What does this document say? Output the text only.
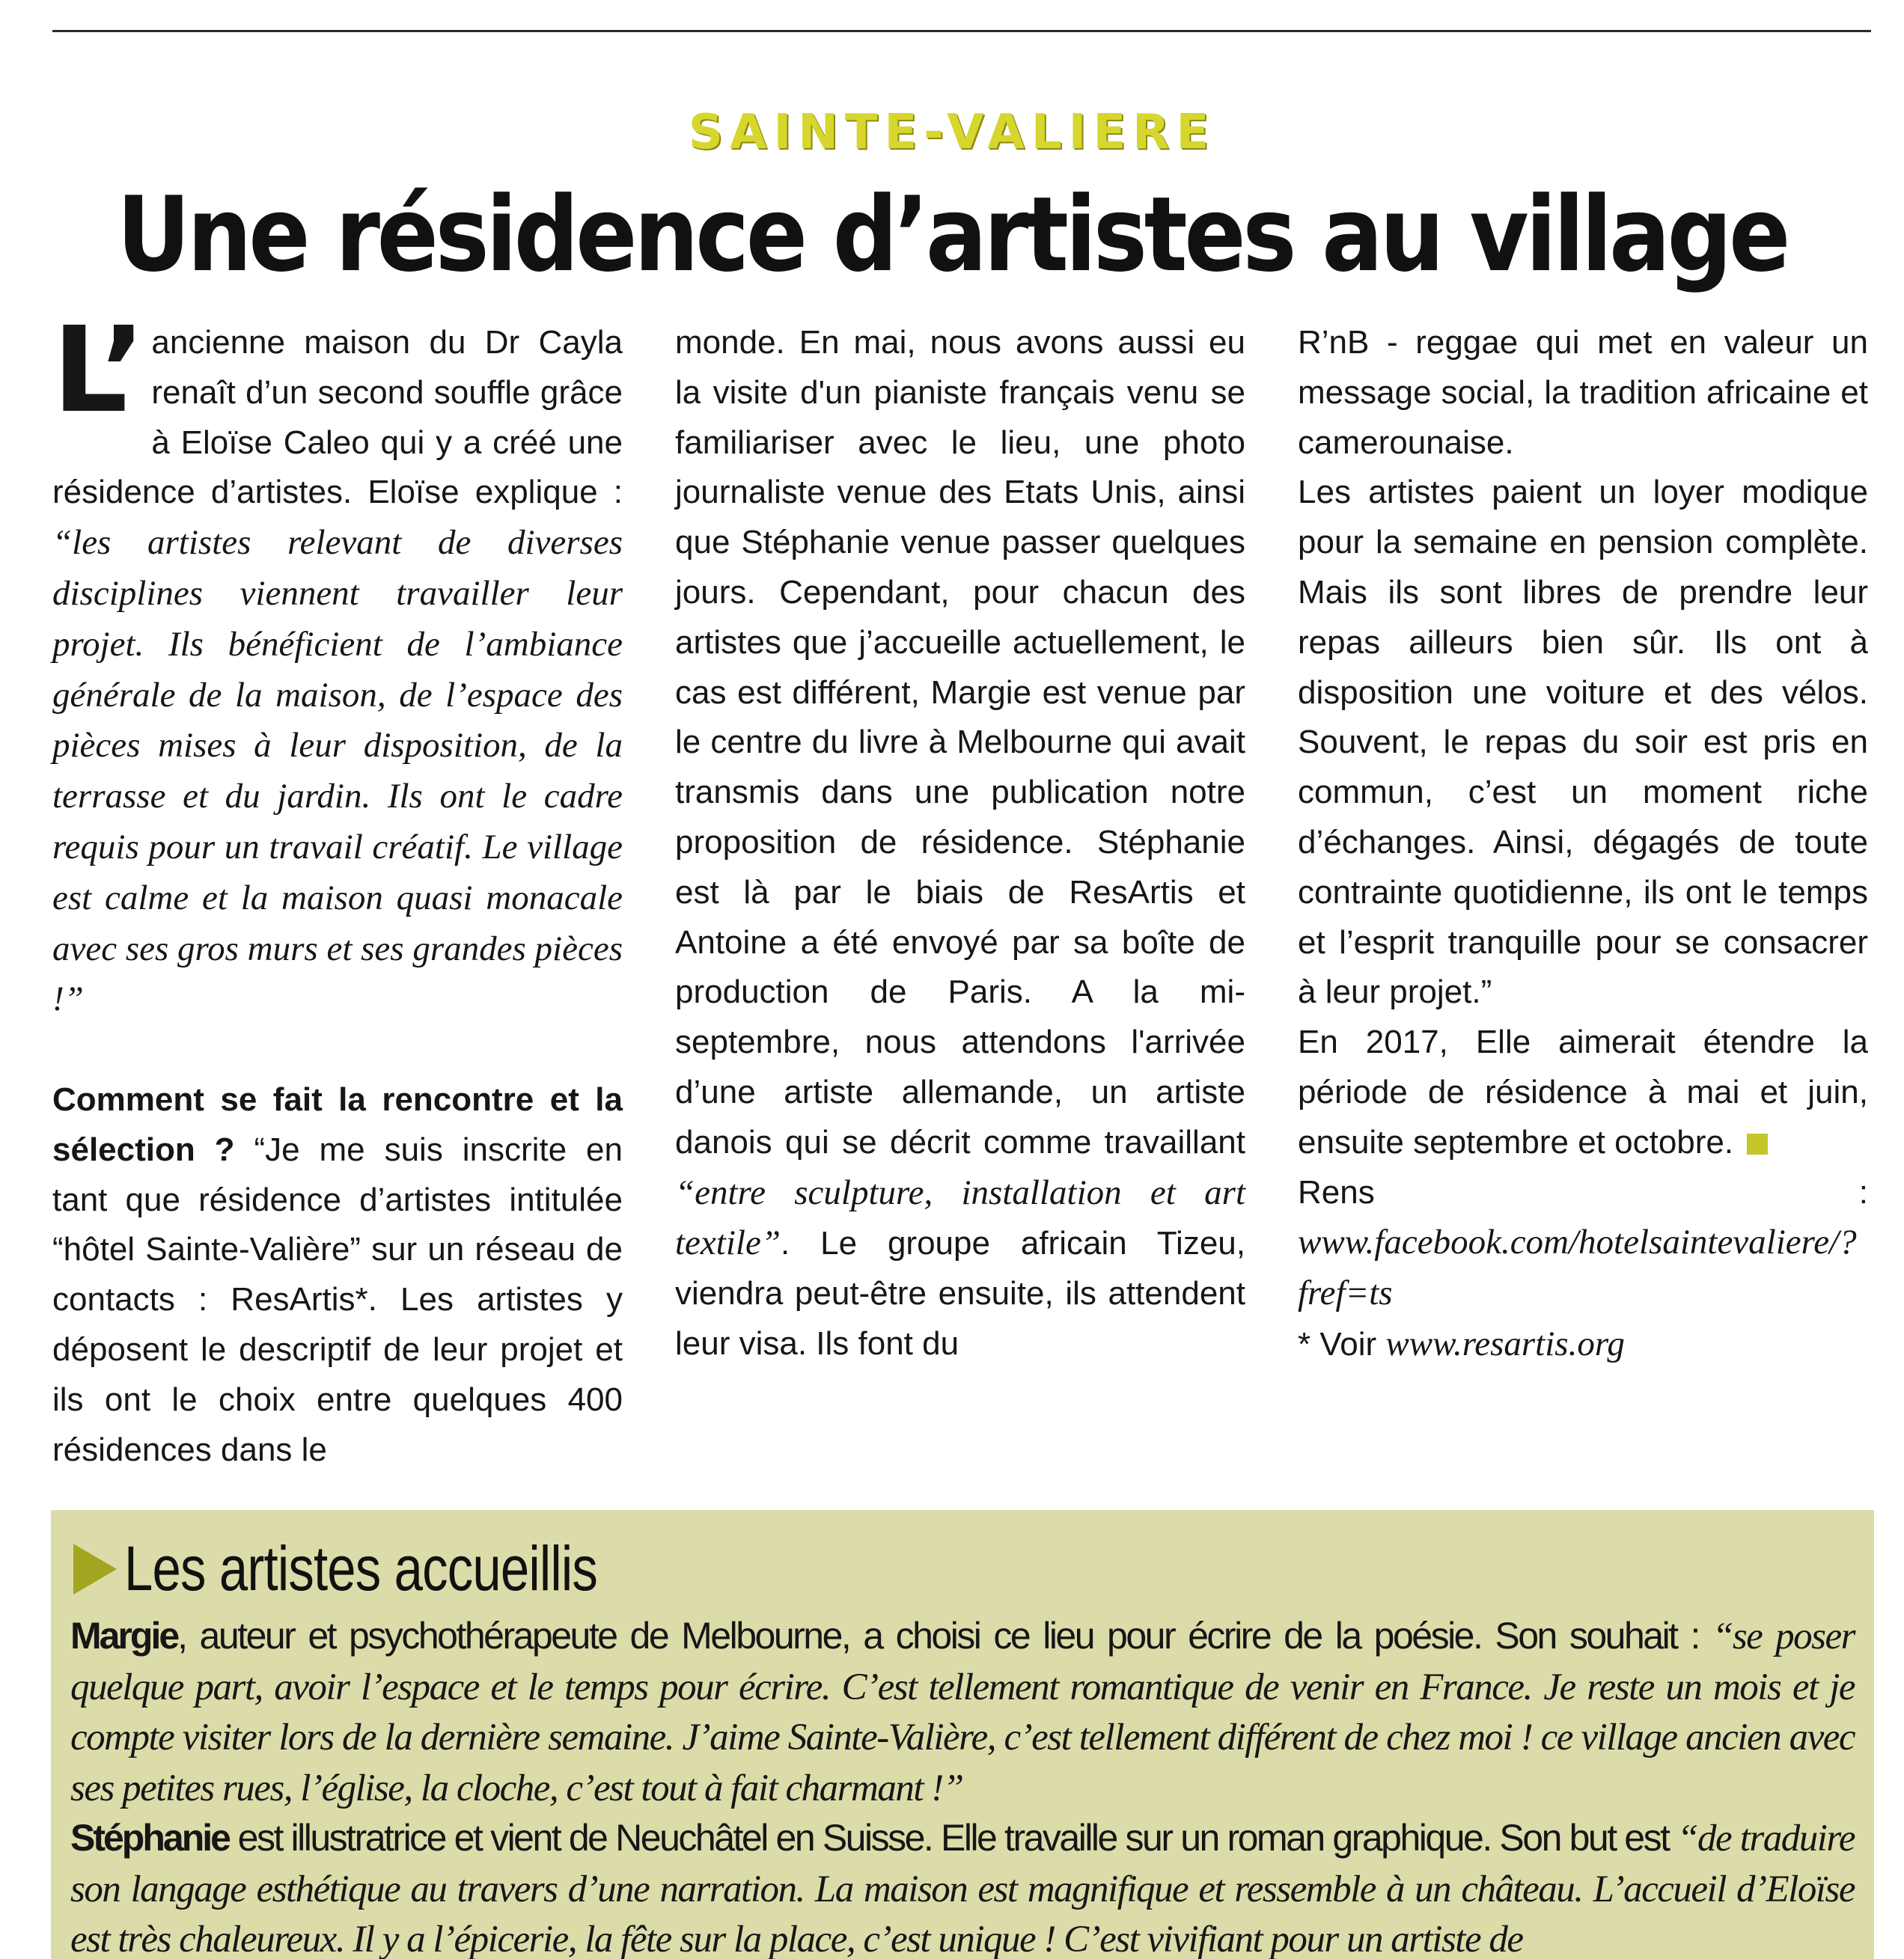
SAINTE-VALIERE
Une résidence d’artistes au village

L’ ancienne maison du Dr Cayla renaît d’un second souffle grâce à Eloïse Caleo qui y a créé une résidence d’artistes. Eloïse explique : “les artistes relevant de diverses disciplines viennent travailler leur projet. Ils bénéficient de l’ambiance générale de la maison, de l’espace des pièces mises à leur disposition, de la terrasse et du jardin. Ils ont le cadre requis pour un travail créatif. Le village est calme et la maison quasi monacale avec ses gros murs et ses grandes pièces !”

Comment se fait la rencontre et la sélection ? “Je me suis inscrite en tant que résidence d’artistes intitulée “hôtel Sainte-Valière” sur un réseau de contacts : ResArtis*. Les artistes y déposent le descriptif de leur projet et ils ont le choix entre quelques 400 résidences dans le

monde. En mai, nous avons aussi eu la visite d'un pianiste français venu se familiariser avec le lieu, une photo journaliste venue des Etats Unis, ainsi que Stéphanie venue passer quelques jours. Cependant, pour chacun des artistes que j’accueille actuellement, le cas est différent, Margie est venue par le centre du livre à Melbourne qui avait transmis dans une publication notre proposition de résidence. Stéphanie est là par le biais de ResArtis et Antoine a été envoyé par sa boîte de production de Paris. A la mi-septembre, nous attendons l'arrivée d’une artiste allemande, un artiste danois qui se décrit comme travaillant “entre sculpture, installation et art textile”. Le groupe africain Tizeu, viendra peut-être ensuite, ils attendent leur visa. Ils font du

R’nB - reggae qui met en valeur un message social, la tradition africaine et camerounaise.

Les artistes paient un loyer modique pour la semaine en pension complète. Mais ils sont libres de prendre leur repas ailleurs bien sûr. Ils ont à disposition une voiture et des vélos. Souvent, le repas du soir est pris en commun, c’est un moment riche d’échanges. Ainsi, dégagés de toute contrainte quotidienne, ils ont le temps et l’esprit tranquille pour se consacrer à leur projet.”

En 2017, Elle aimerait étendre la période de résidence à mai et juin, ensuite septembre et octobre.

Rens : www.facebook.com/hotelsaintevaliere/?fref=ts

* Voir www.resartis.org

Les artistes accueillis

Margie, auteur et psychothérapeute de Melbourne, a choisi ce lieu pour écrire de la poésie. Son souhait : “se poser quelque part, avoir l’espace et le temps pour écrire. C’est tellement romantique de venir en France. Je reste un mois et je compte visiter lors de la dernière semaine. J’aime Sainte-Valière, c’est tellement différent de chez moi ! ce village ancien avec ses petites rues, l’église, la cloche, c’est tout à fait charmant !”

Stéphanie est illustratrice et vient de Neuchâtel en Suisse. Elle travaille sur un roman graphique. Son but est “de traduire son langage esthétique au travers d’une narration. La maison est magnifique et ressemble à un château. L’accueil d’Eloïse est très chaleureux. Il y a l’épicerie, la fête sur la place, c’est unique ! C’est vivifiant pour un artiste de
